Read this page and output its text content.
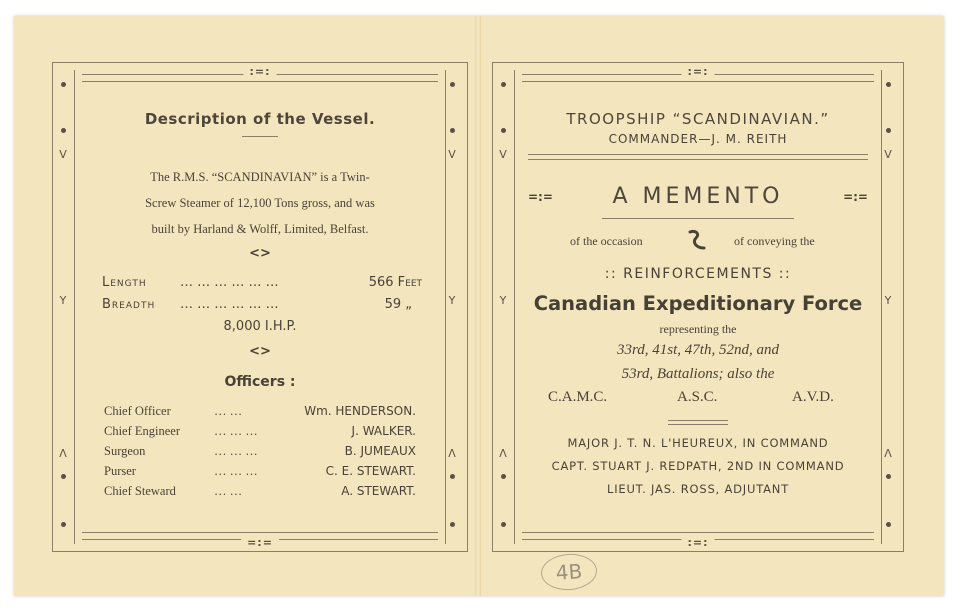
:=:
=:=
V
Y
Λ
V
Y
Λ
Description of the Vessel.
The R.M.S. “SCANDINAVIAN” is a Twin-
Screw Steamer of 12,100 Tons gross, and was
built by Harland & Wolff, Limited, Belfast.
<>
Length	… … … … … …	566 Feet
Breadth … … … … … …	59 „
8,000 I.H.P.
<>
Officers :
Chief Officer	… …	Wm. HENDERSON.
Chief Engineer	… … …	J. WALKER.
Surgeon	… … …	B. JUMEAUX
Purser	… … …	C. E. STEWART.
Chief Steward	… …	A. STEWART.
:=:
:=:
V
Y
Λ
V
Y
Λ
TROOPSHIP “SCANDINAVIAN.”
COMMANDER—J. M. REITH
=:=	A MEMENTO	=:=
of the occasion	of conveying the
:: REINFORCEMENTS ::
Canadian Expeditionary Force
representing the
33rd, 41st, 47th, 52nd, and
53rd, Battalions; also the
C.A.M.C.	A.S.C.	A.V.D.
MAJOR J. T. N. L'HEUREUX, IN COMMAND
CAPT. STUART J. REDPATH, 2ND IN COMMAND
LIEUT. JAS. ROSS, ADJUTANT
4B
